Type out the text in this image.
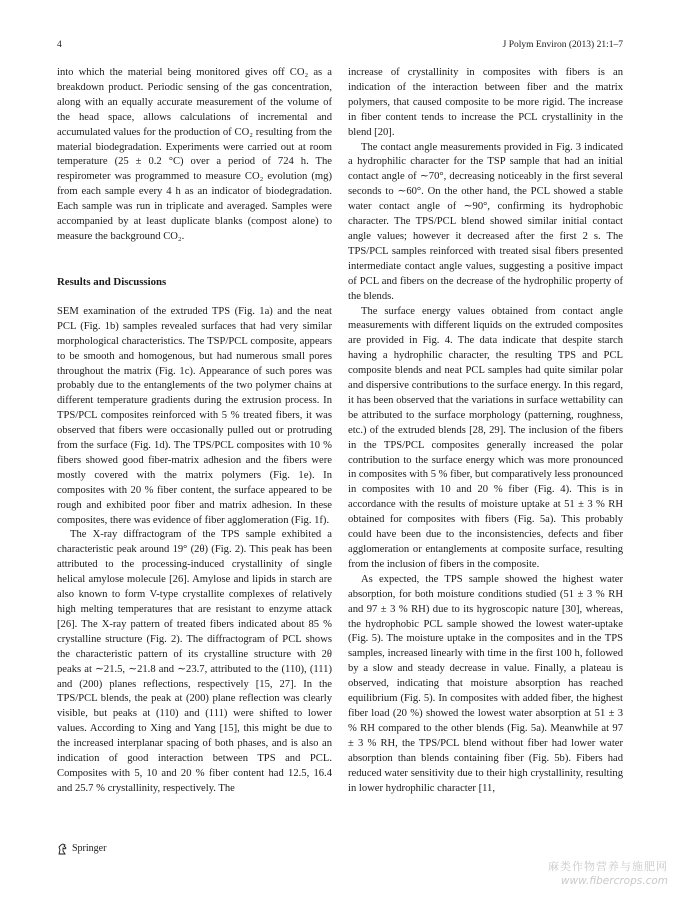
4	J Polym Environ (2013) 21:1–7

into which the material being monitored gives off CO₂ as a breakdown product. Periodic sensing of the gas concentration, along with an equally accurate measurement of the volume of the head space, allows calculations of incremental and accumulated values for the production of CO₂ resulting from the material biodegradation. Experiments were carried out at room temperature (25 ± 0.2 °C) over a period of 724 h. The respirometer was programmed to measure CO₂ evolution (mg) from each sample every 4 h as an indicator of biodegradation. Each sample was run in triplicate and averaged. Samples were accompanied by at least duplicate blanks (compost alone) to measure the background CO₂.

Results and Discussions

SEM examination of the extruded TPS (Fig. 1a) and the neat PCL (Fig. 1b) samples revealed surfaces that had very similar morphological characteristics. The TSP/PCL composite, appears to be smooth and homogenous, but had numerous small pores throughout the matrix (Fig. 1c). Appearance of such pores was probably due to the entanglements of the two polymer chains at different temperature gradients during the extrusion process. In TPS/PCL composites reinforced with 5 % treated fibers, it was observed that fibers were occasionally pulled out or protruding from the surface (Fig. 1d). The TPS/PCL composites with 10 % fibers showed good fiber-matrix adhesion and the fibers were mostly covered with the matrix polymers (Fig. 1e). In composites with 20 % fiber content, the surface appeared to be rough and exhibited poor fiber and matrix adhesion. In these composites, there was evidence of fiber agglomeration (Fig. 1f).

The X-ray diffractogram of the TPS sample exhibited a characteristic peak around 19° (2θ) (Fig. 2). This peak has been attributed to the processing-induced crystallinity of single helical amylose molecule [26]. Amylose and lipids in starch are also known to form V-type crystallite complexes of relatively high melting temperatures that are resistant to enzyme attack [26]. The X-ray pattern of treated fibers indicated about 85 % crystalline structure (Fig. 2). The diffractogram of PCL shows the characteristic pattern of its crystalline structure with 2θ peaks at ∼21.5, ∼21.8 and ∼23.7, attributed to the (110), (111) and (200) planes reflections, respectively [15, 27]. In the TPS/PCL blends, the peak at (200) plane reflection was clearly visible, but peaks at (110) and (111) were shifted to lower values. According to Xing and Yang [15], this might be due to the increased interplanar spacing of both phases, and is also an indication of good interaction between TPS and PCL. Composites with 5, 10 and 20 % fiber content had 12.5, 16.4 and 25.7 % crystallinity, respectively. The

increase of crystallinity in composites with fibers is an indication of the interaction between fiber and the matrix polymers, that caused composite to be more rigid. The increase in fiber content tends to increase the PCL crystallinity in the blend [20].

The contact angle measurements provided in Fig. 3 indicated a hydrophilic character for the TSP sample that had an initial contact angle of ∼70°, decreasing noticeably in the first several seconds to ∼60°. On the other hand, the PCL showed a stable water contact angle of ∼90°, confirming its hydrophobic character. The TPS/PCL blend showed similar initial contact angle values; however it decreased after the first 2 s. The TPS/PCL samples reinforced with treated sisal fibers presented intermediate contact angle values, suggesting a positive impact of PCL and fibers on the decrease of the hydrophilic property of the blends.

The surface energy values obtained from contact angle measurements with different liquids on the extruded composites are provided in Fig. 4. The data indicate that despite starch having a hydrophilic character, the resulting TPS and PCL composite blends and neat PCL samples had quite similar polar and dispersive contributions to the surface energy. In this regard, it has been observed that the variations in surface wettability can be attributed to the surface morphology (patterning, roughness, etc.) of the extruded blends [28, 29]. The inclusion of the fibers in the TPS/PCL composites generally increased the polar contribution to the surface energy which was more pronounced in composites with 5 % fiber, but comparatively less pronounced in composites with 10 and 20 % fiber (Fig. 4). This is in accordance with the results of moisture uptake at 51 ± 3 % RH obtained for composites with fibers (Fig. 5a). This probably could have been due to the inconsistencies, defects and fiber agglomeration or entanglements at composite surface, resulting from the inclusion of fibers in the composite.

As expected, the TPS sample showed the highest water absorption, for both moisture conditions studied (51 ± 3 % RH and 97 ± 3 % RH) due to its hygroscopic nature [30], whereas, the hydrophobic PCL sample showed the lowest water-uptake (Fig. 5). The moisture uptake in the composites and in the TPS samples, increased linearly with time in the first 100 h, followed by a slow and steady decrease in value. Finally, a plateau is observed, indicating that moisture absorption has reached equilibrium (Fig. 5). In composites with added fiber, the highest fiber load (20 %) showed the lowest water absorption at 51 ± 3 % RH compared to the other blends (Fig. 5a). Meanwhile at 97 ± 3 % RH, the TPS/PCL blend without fiber had lower water absorption than blends containing fiber (Fig. 5b). Fibers had reduced water sensitivity due to their high crystallinity, resulting in lower hydrophilic character [11,

Springer
麻类作物营养与施肥网
www.fibercrops.com
